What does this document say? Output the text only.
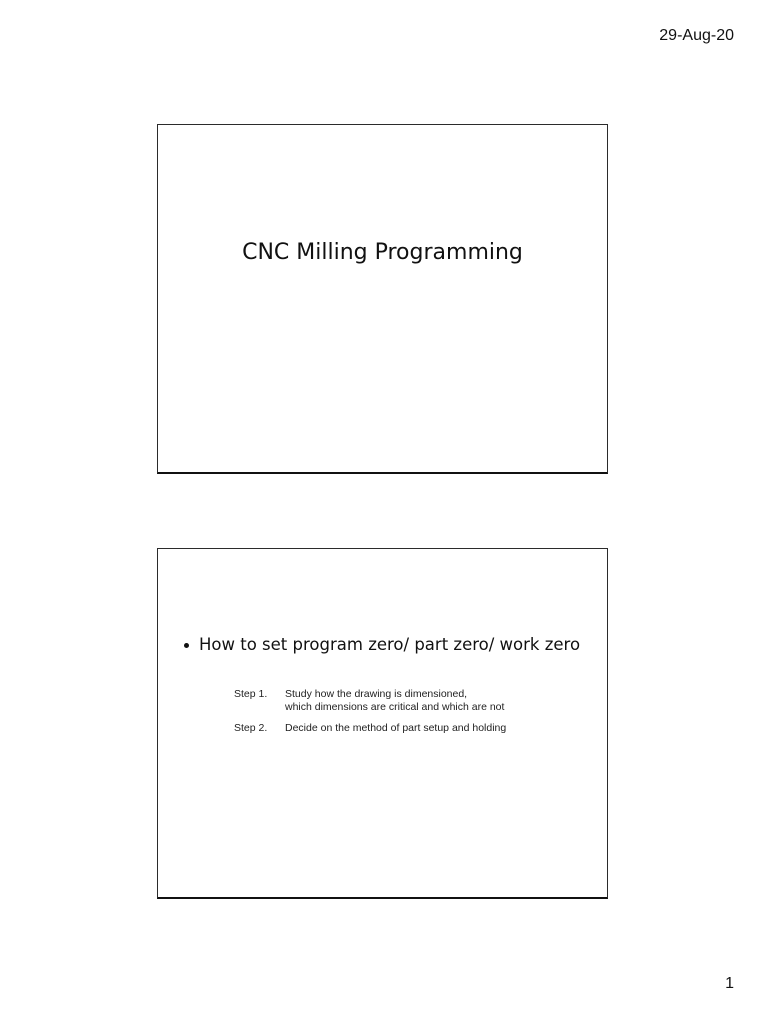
29-Aug-20
CNC Milling Programming
How to set program zero/ part zero/ work zero
Step 1.	Study how the drawing is dimensioned,
which dimensions are critical and which are not
Step 2.	Decide on the method of part setup and holding
1
